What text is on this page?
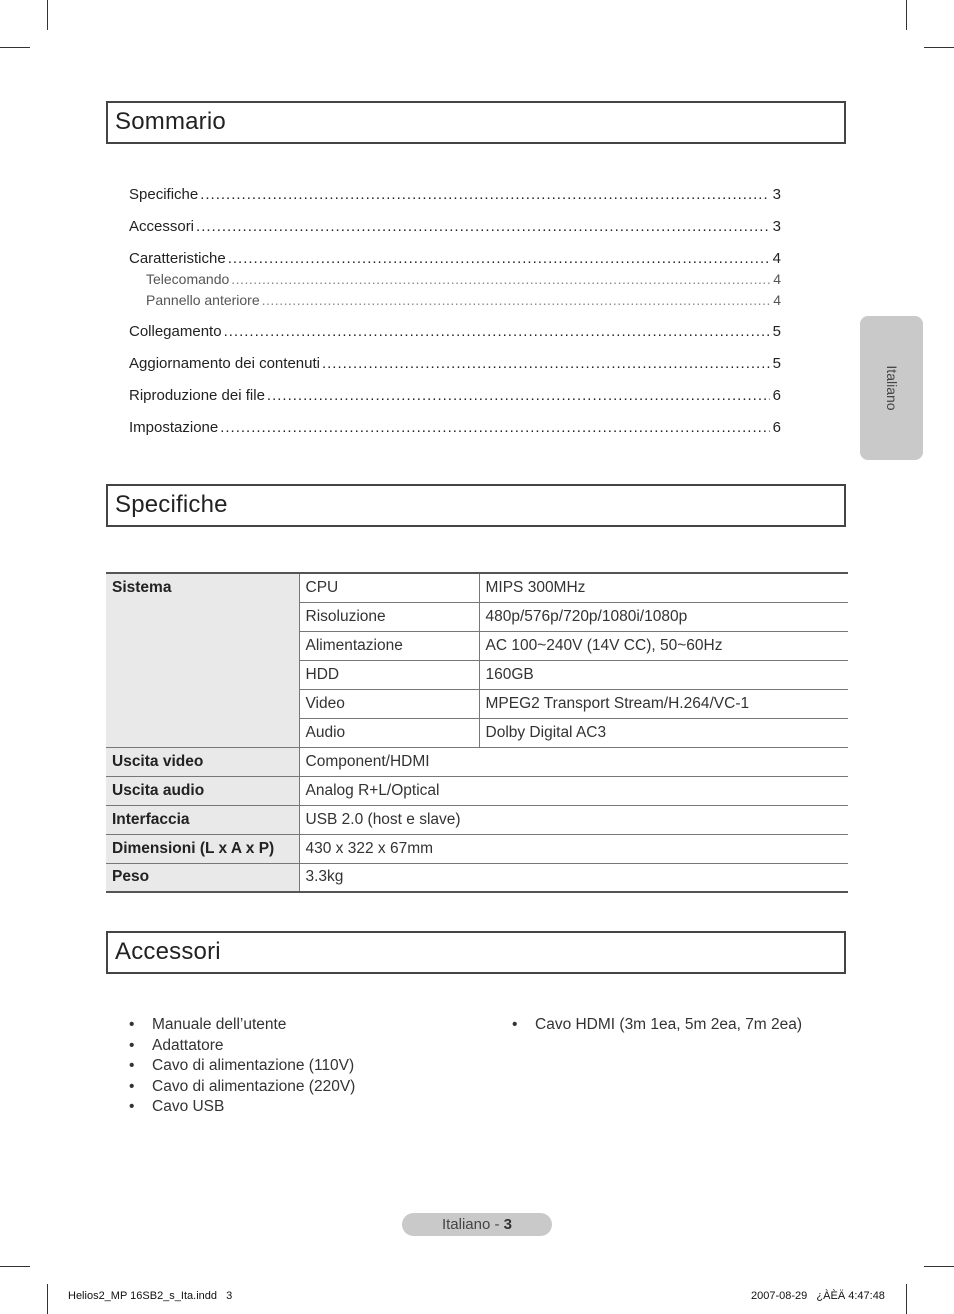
Sommario
Specifiche .....	3
Accessori .....	3
Caratteristiche .....	4
Telecomando .....	4
Pannello anteriore .....	4
Collegamento .....	5
Aggiornamento dei contenuti .....	5
Riproduzione dei file .....	6
Impostazione .....	6
Italiano
Specifiche
Sistema	CPU	MIPS 300MHz
	Risoluzione	480p/576p/720p/1080i/1080p
	Alimentazione	AC 100~240V (14V CC), 50~60Hz
	HDD	160GB
	Video	MPEG2 Transport Stream/H.264/VC-1
	Audio	Dolby Digital AC3
Uscita video	Component/HDMI	
Uscita audio	Analog R+L/Optical	
Interfaccia	USB 2.0 (host e slave)	
Dimensioni (L x A x P)	430 x 322 x 67mm	
Peso	3.3kg	
Accessori
• Manuale dell’utente
• Adattatore
• Cavo di alimentazione (110V)
• Cavo di alimentazione (220V)
• Cavo USB
• Cavo HDMI (3m 1ea, 5m 2ea, 7m 2ea)
Italiano - 3
Helios2_MP 16SB2_s_Ita.indd   3	2007-08-29   ¿ÀÈÄ 4:47:48
